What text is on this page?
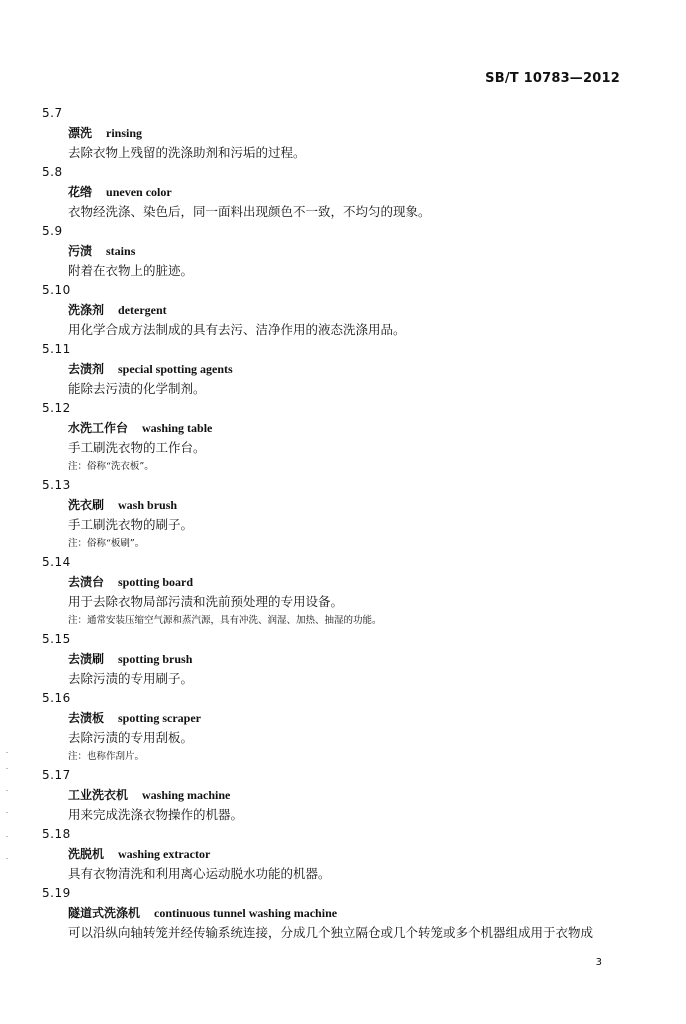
SB/T 10783—2012
5.7
漂洗 rinsing
去除衣物上残留的洗涤助剂和污垢的过程。
5.8
花绺 uneven color
衣物经洗涤、染色后，同一面料出现颜色不一致，不均匀的现象。
5.9
污渍 stains
附着在衣物上的脏迹。
5.10
洗涤剂 detergent
用化学合成方法制成的具有去污、洁净作用的液态洗涤用品。
5.11
去渍剂 special spotting agents
能除去污渍的化学制剂。
5.12
水洗工作台 washing table
手工刷洗衣物的工作台。
注：俗称“洗衣板”。
5.13
洗衣刷 wash brush
手工刷洗衣物的刷子。
注：俗称“板刷”。
5.14
去渍台 spotting board
用于去除衣物局部污渍和洗前预处理的专用设备。
注：通常安装压缩空气源和蒸汽源，具有冲洗、润湿、加热、抽湿的功能。
5.15
去渍刷 spotting brush
去除污渍的专用刷子。
5.16
去渍板 spotting scraper
去除污渍的专用刮板。
注：也称作刮片。
5.17
工业洗衣机 washing machine
用来完成洗涤衣物操作的机器。
5.18
洗脱机 washing extractor
具有衣物清洗和利用离心运动脱水功能的机器。
5.19
隧道式洗涤机 continuous tunnel washing machine
可以沿纵向轴转笼并经传输系统连接，分成几个独立隔仓或几个转笼或多个机器组成用于衣物成
3
